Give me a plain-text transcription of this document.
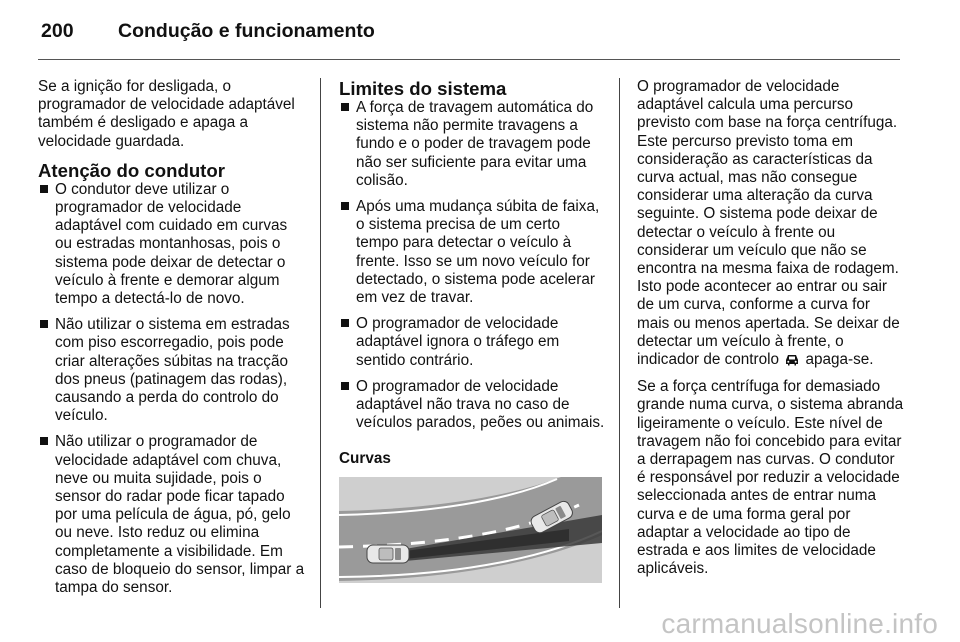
200 Condução e funcionamento

Se a ignição for desligada, o programador de velocidade adaptável também é desligado e apaga a velocidade guardada.

Atenção do condutor
O condutor deve utilizar o programador de velocidade adaptável com cuidado em curvas ou estradas montanhosas, pois o sistema pode deixar de detectar o veículo à frente e demorar algum tempo a detectá-lo de novo.
Não utilizar o sistema em estradas com piso escorregadio, pois pode criar alterações súbitas na tracção dos pneus (patinagem das rodas), causando a perda do controlo do veículo.
Não utilizar o programador de velocidade adaptável com chuva, neve ou muita sujidade, pois o sensor do radar pode ficar tapado por uma película de água, pó, gelo ou neve. Isto reduz ou elimina completamente a visibilidade. Em caso de bloqueio do sensor, limpar a tampa do sensor.
Limites do sistema
A força de travagem automática do sistema não permite travagens a fundo e o poder de travagem pode não ser suficiente para evitar uma colisão.
Após uma mudança súbita de faixa, o sistema precisa de um certo tempo para detectar o veículo à frente. Isso se um novo veículo for detectado, o sistema pode acelerar em vez de travar.
O programador de velocidade adaptável ignora o tráfego em sentido contrário.
O programador de velocidade adaptável não trava no caso de veículos parados, peões ou animais.
Curvas

O programador de velocidade adaptável calcula uma percurso previsto com base na força centrífuga. Este percurso previsto toma em consideração as características da curva actual, mas não consegue considerar uma alteração da curva seguinte. O sistema pode deixar de detectar o veículo à frente ou considerar um veículo que não se encontra na mesma faixa de rodagem. Isto pode acontecer ao entrar ou sair de um curva, conforme a curva for mais ou menos apertada. Se deixar de detectar um veículo à frente, o indicador de controlo apaga-se.

Se a força centrífuga for demasiado grande numa curva, o sistema abranda ligeiramente o veículo. Este nível de travagem não foi concebido para evitar a derrapagem nas curvas. O condutor é responsável por reduzir a velocidade seleccionada antes de entrar numa curva e de uma forma geral por adaptar a velocidade ao tipo de estrada e aos limites de velocidade aplicáveis.

carmanualsonline.info
